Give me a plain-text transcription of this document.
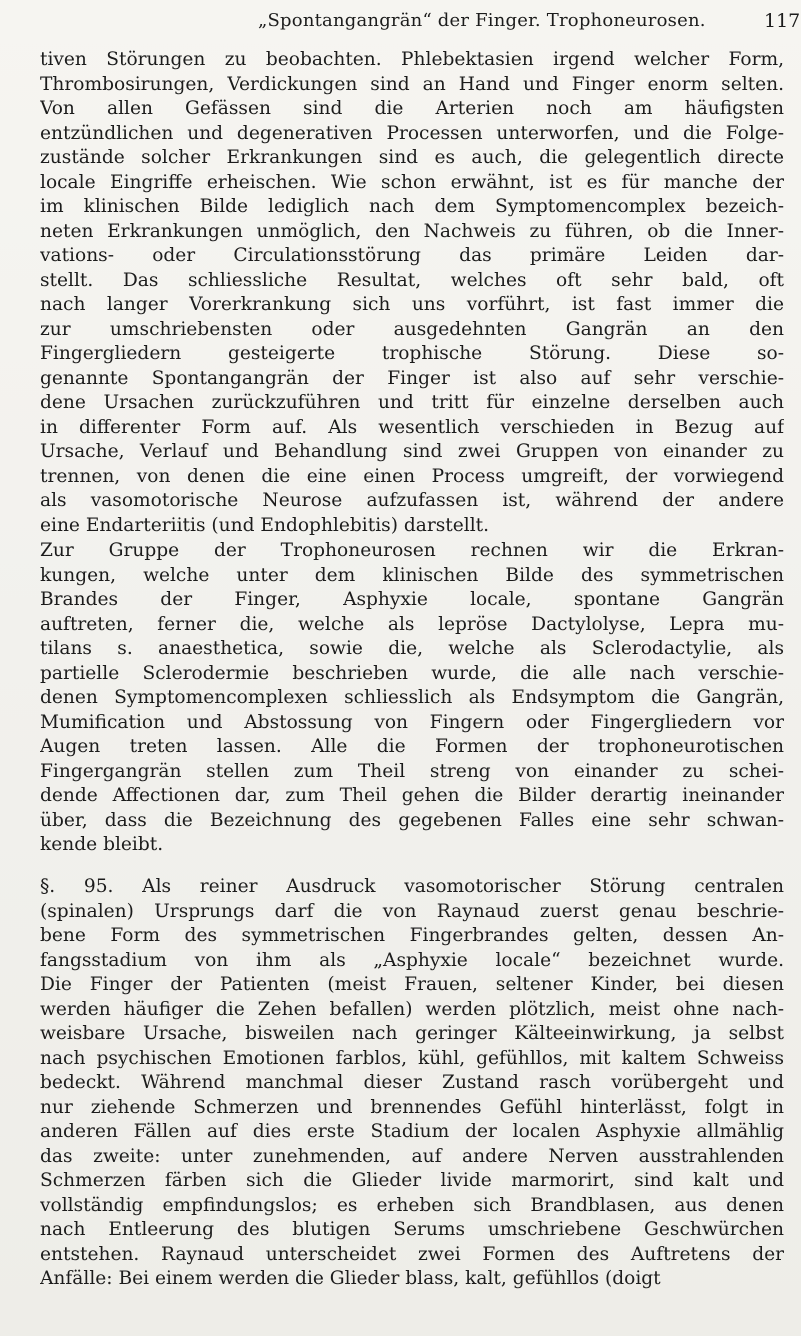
„Spontangangrän“ der Finger. Trophoneurosen.	117
tiven Störungen zu beobachten. Phlebektasien irgend welcher Form,
Thrombosirungen, Verdickungen sind an Hand und Finger enorm selten.
Von allen Gefässen sind die Arterien noch am häufigsten
entzündlichen und degenerativen Processen unterworfen, und die Folge-
zustände solcher Erkrankungen sind es auch, die gelegentlich directe
locale Eingriffe erheischen. Wie schon erwähnt, ist es für manche der
im klinischen Bilde lediglich nach dem Symptomencomplex bezeich-
neten Erkrankungen unmöglich, den Nachweis zu führen, ob die Inner-
vations- oder Circulationsstörung das primäre Leiden dar-
stellt. Das schliessliche Resultat, welches oft sehr bald, oft
nach langer Vorerkrankung sich uns vorführt, ist fast immer die
zur umschriebensten oder ausgedehnten Gangrän an den
Fingergliedern gesteigerte trophische Störung. Diese so-
genannte Spontangangrän der Finger ist also auf sehr verschie-
dene Ursachen zurückzuführen und tritt für einzelne derselben auch
in differenter Form auf. Als wesentlich verschieden in Bezug auf
Ursache, Verlauf und Behandlung sind zwei Gruppen von einander zu
trennen, von denen die eine einen Process umgreift, der vorwiegend
als vasomotorische Neurose aufzufassen ist, während der andere
eine Endarteriitis (und Endophlebitis) darstellt.
Zur Gruppe der Trophoneurosen rechnen wir die Erkran-
kungen, welche unter dem klinischen Bilde des symmetrischen
Brandes der Finger, Asphyxie locale, spontane Gangrän
auftreten, ferner die, welche als lepröse Dactylolyse, Lepra mu-
tilans s. anaesthetica, sowie die, welche als Sclerodactylie, als
partielle Sclerodermie beschrieben wurde, die alle nach verschie-
denen Symptomencomplexen schliesslich als Endsymptom die Gangrän,
Mumification und Abstossung von Fingern oder Fingergliedern vor
Augen treten lassen. Alle die Formen der trophoneurotischen
Fingergangrän stellen zum Theil streng von einander zu schei-
dende Affectionen dar, zum Theil gehen die Bilder derartig ineinander
über, dass die Bezeichnung des gegebenen Falles eine sehr schwan-
kende bleibt.
§. 95. Als reiner Ausdruck vasomotorischer Störung centralen
(spinalen) Ursprungs darf die von Raynaud zuerst genau beschrie-
bene Form des symmetrischen Fingerbrandes gelten, dessen An-
fangsstadium von ihm als „Asphyxie locale“ bezeichnet wurde.
Die Finger der Patienten (meist Frauen, seltener Kinder, bei diesen
werden häufiger die Zehen befallen) werden plötzlich, meist ohne nach-
weisbare Ursache, bisweilen nach geringer Kälteeinwirkung, ja selbst
nach psychischen Emotionen farblos, kühl, gefühllos, mit kaltem Schweiss
bedeckt. Während manchmal dieser Zustand rasch vorübergeht und
nur ziehende Schmerzen und brennendes Gefühl hinterlässt, folgt in
anderen Fällen auf dies erste Stadium der localen Asphyxie allmählig
das zweite: unter zunehmenden, auf andere Nerven ausstrahlenden
Schmerzen färben sich die Glieder livide marmorirt, sind kalt und
vollständig empfindungslos; es erheben sich Brandblasen, aus denen
nach Entleerung des blutigen Serums umschriebene Geschwürchen
entstehen. Raynaud unterscheidet zwei Formen des Auftretens der
Anfälle: Bei einem werden die Glieder blass, kalt, gefühllos (doigt
